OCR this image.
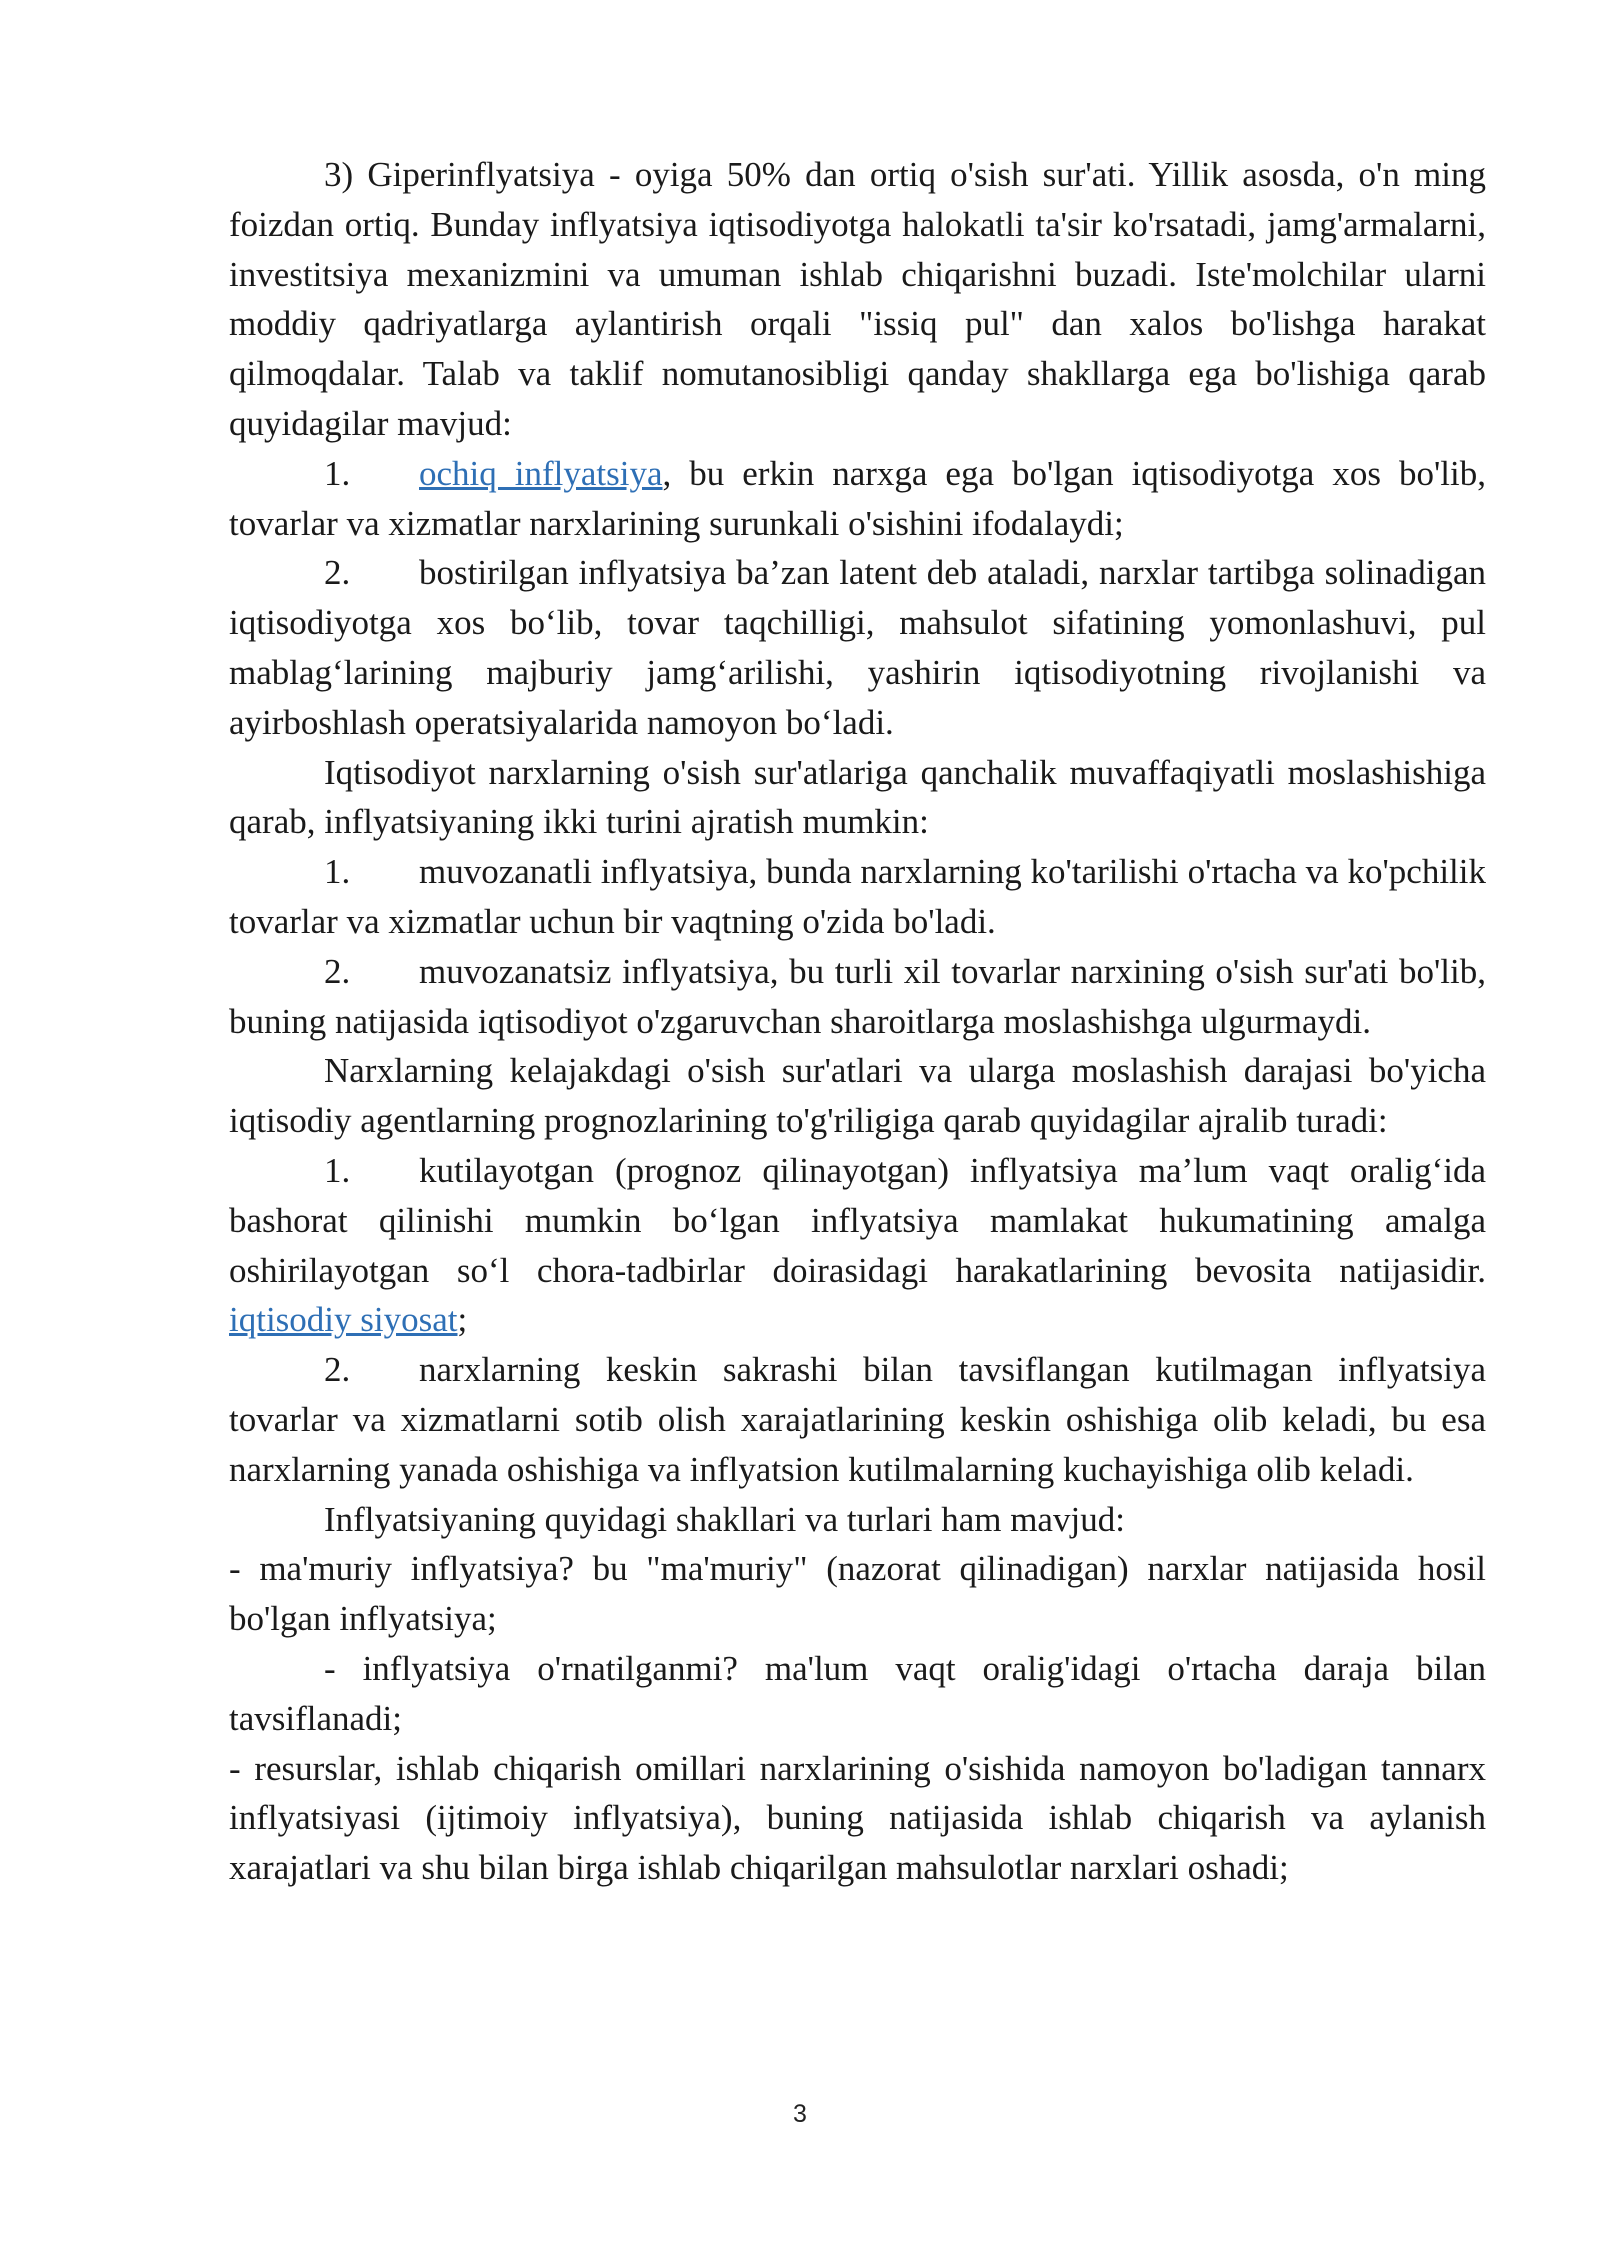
3) Giperinflyatsiya - oyiga 50% dan ortiq o'sish sur'ati. Yillik asosda, o'n ming foizdan ortiq. Bunday inflyatsiya iqtisodiyotga halokatli ta'sir ko'rsatadi, jamg'armalarni, investitsiya mexanizmini va umuman ishlab chiqarishni buzadi. Iste'molchilar ularni moddiy qadriyatlarga aylantirish orqali "issiq pul" dan xalos bo'lishga harakat qilmoqdalar. Talab va taklif nomutanosibligi qanday shakllarga ega bo'lishiga qarab quyidagilar mavjud:

1. ochiq inflyatsiya, bu erkin narxga ega bo'lgan iqtisodiyotga xos bo'lib, tovarlar va xizmatlar narxlarining surunkali o'sishini ifodalaydi;

2. bostirilgan inflyatsiya ba’zan latent deb ataladi, narxlar tartibga solinadigan iqtisodiyotga xos bo‘lib, tovar taqchilligi, mahsulot sifatining yomonlashuvi, pul mablag‘larining majburiy jamg‘arilishi, yashirin iqtisodiyotning rivojlanishi va ayirboshlash operatsiyalarida namoyon bo‘ladi.

Iqtisodiyot narxlarning o'sish sur'atlariga qanchalik muvaffaqiyatli moslashishiga qarab, inflyatsiyaning ikki turini ajratish mumkin:

1. muvozanatli inflyatsiya, bunda narxlarning ko'tarilishi o'rtacha va ko'pchilik tovarlar va xizmatlar uchun bir vaqtning o'zida bo'ladi.

2. muvozanatsiz inflyatsiya, bu turli xil tovarlar narxining o'sish sur'ati bo'lib, buning natijasida iqtisodiyot o'zgaruvchan sharoitlarga moslashishga ulgurmaydi.

Narxlarning kelajakdagi o'sish sur'atlari va ularga moslashish darajasi bo'yicha iqtisodiy agentlarning prognozlarining to'g'riligiga qarab quyidagilar ajralib turadi:

1. kutilayotgan (prognoz qilinayotgan) inflyatsiya ma’lum vaqt oralig‘ida bashorat qilinishi mumkin bo‘lgan inflyatsiya mamlakat hukumatining amalga oshirilayotgan so‘l chora-tadbirlar doirasidagi harakatlarining bevosita natijasidir. iqtisodiy siyosat;

2. narxlarning keskin sakrashi bilan tavsiflangan kutilmagan inflyatsiya tovarlar va xizmatlarni sotib olish xarajatlarining keskin oshishiga olib keladi, bu esa narxlarning yanada oshishiga va inflyatsion kutilmalarning kuchayishiga olib keladi.

Inflyatsiyaning quyidagi shakllari va turlari ham mavjud:

- ma'muriy inflyatsiya? bu "ma'muriy" (nazorat qilinadigan) narxlar natijasida hosil bo'lgan inflyatsiya;

- inflyatsiya o'rnatilganmi? ma'lum vaqt oralig'idagi o'rtacha daraja bilan tavsiflanadi;

- resurslar, ishlab chiqarish omillari narxlarining o'sishida namoyon bo'ladigan tannarx inflyatsiyasi (ijtimoiy inflyatsiya), buning natijasida ishlab chiqarish va aylanish xarajatlari va shu bilan birga ishlab chiqarilgan mahsulotlar narxlari oshadi;

3
